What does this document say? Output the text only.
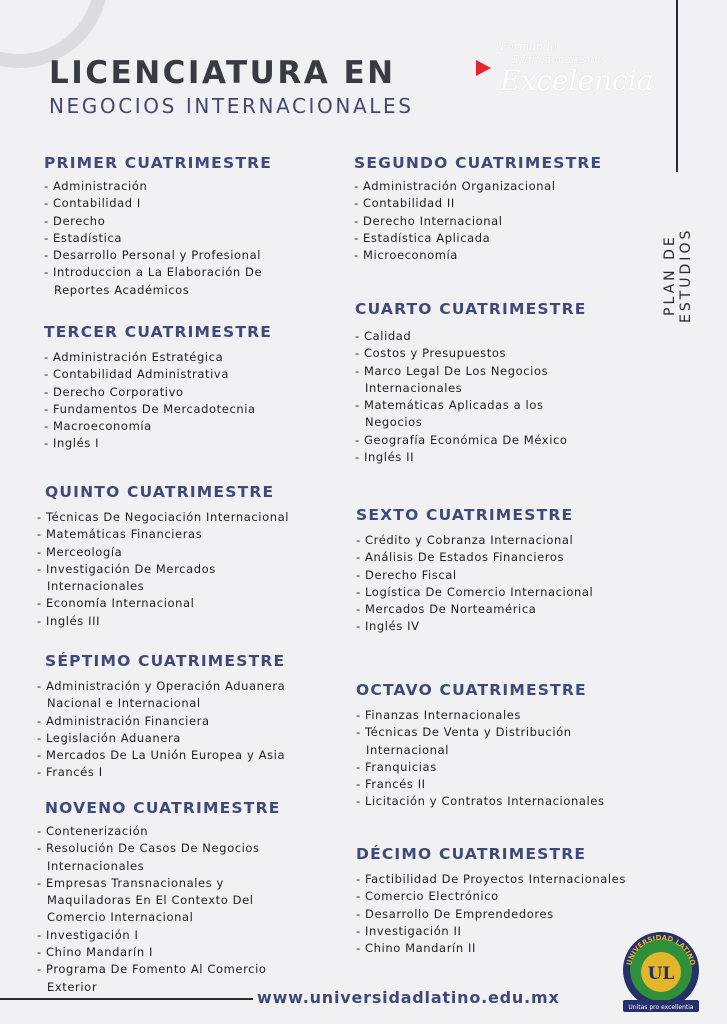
LICENCIATURA EN
NEGOCIOS INTERNACIONALES
Formando
Profesionales de
Excelencia
PLAN DE ESTUDIOS
PRIMER CUATRIMESTRE
- Administración
- Contabilidad I
- Derecho
- Estadística
- Desarrollo Personal y Profesional
- Introduccion a La Elaboración De
Reportes Académicos
TERCER CUATRIMESTRE
- Administración Estratégica
- Contabilidad Administrativa
- Derecho Corporativo
- Fundamentos De Mercadotecnia
- Macroeconomía
- Inglés I
QUINTO CUATRIMESTRE
- Técnicas De Negociación Internacional
- Matemáticas Financieras
- Merceología
- Investigación De Mercados
Internacionales
- Economía Internacional
- Inglés III
SÉPTIMO CUATRIMESTRE
- Administración y Operación Aduanera
Nacional e Internacional
- Administración Financiera
- Legislación Aduanera
- Mercados De La Unión Europea y Asia
- Francés I
NOVENO CUATRIMESTRE
- Contenerización
- Resolución De Casos De Negocios
Internacionales
- Empresas Transnacionales y
Maquiladoras En El Contexto Del
Comercio Internacional
- Investigación I
- Chino Mandarín I
- Programa De Fomento Al Comercio
Exterior
SEGUNDO CUATRIMESTRE
- Administración Organizacional
- Contabilidad II
- Derecho Internacional
- Estadística Aplicada
- Microeconomía
CUARTO CUATRIMESTRE
- Calidad
- Costos y Presupuestos
- Marco Legal De Los Negocios
Internacionales
- Matemáticas Aplicadas a los
Negocios
- Geografía Económica De México
- Inglés II
SEXTO CUATRIMESTRE
- Crédito y Cobranza Internacional
- Análisis De Estados Financieros
- Derecho Fiscal
- Logística De Comercio Internacional
- Mercados De Norteamérica
- Inglés IV
OCTAVO CUATRIMESTRE
- Finanzas Internacionales
- Técnicas De Venta y Distribución
Internacional
- Franquicias
- Francés II
- Licitación y Contratos Internacionales
DÉCIMO CUATRIMESTRE
- Factibilidad De Proyectos Internacionales
- Comercio Electrónico
- Desarrollo De Emprendedores
- Investigación II
- Chino Mandarín II
www.universidadlatino.edu.mx
UNIVERSIDAD LATINO
UL
Unitas pro excellentia
